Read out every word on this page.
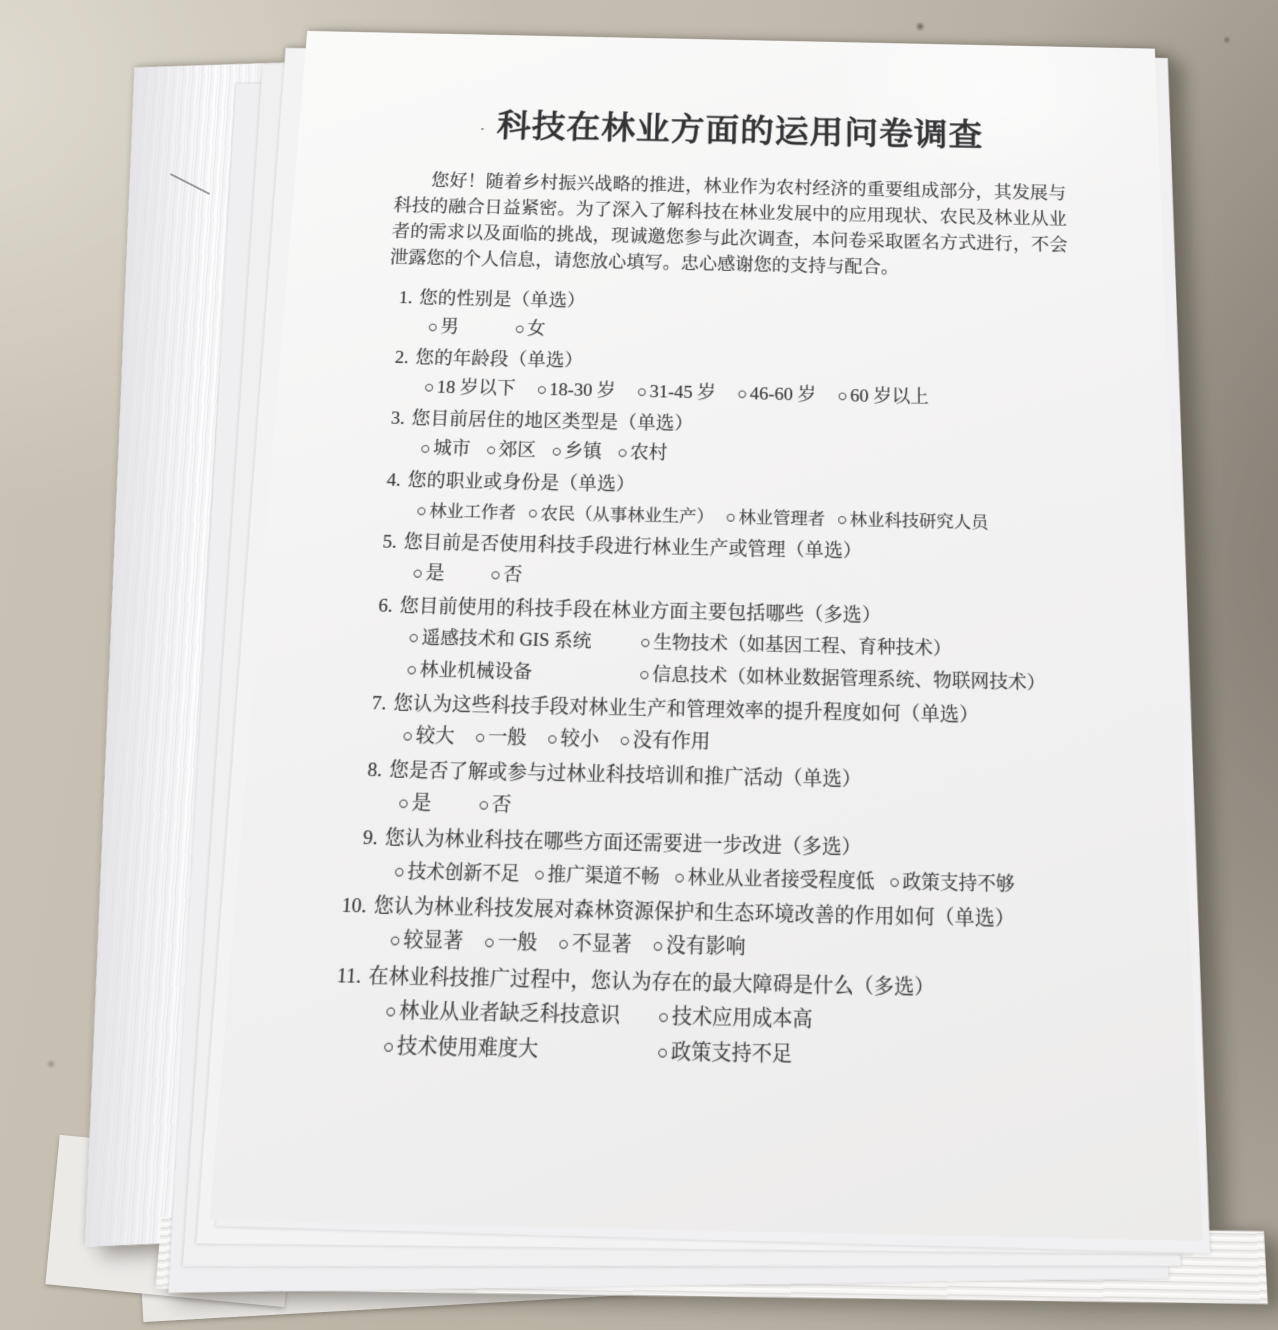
· 科技在林业方面的运用问卷调查

您好！随着乡村振兴战略的推进，林业作为农村经济的重要组成部分，其发展与科技的融合日益紧密。为了深入了解科技在林业发展中的应用现状、农民及林业从业者的需求以及面临的挑战，现诚邀您参与此次调查，本问卷采取匿名方式进行，不会泄露您的个人信息，请您放心填写。忠心感谢您的支持与配合。

1. 您的性别是（单选）
○ 男	○ 女
2. 您的年龄段（单选）
○ 18 岁以下 ○ 18-30 岁 ○ 31-45 岁 ○ 46-60 岁 ○ 60 岁以上
3. 您目前居住的地区类型是（单选）
○ 城市 ○ 郊区 ○ 乡镇 ○ 农村
4. 您的职业或身份是（单选）
○ 林业工作者 ○ 农民（从事林业生产） ○ 林业管理者 ○ 林业科技研究人员
5. 您目前是否使用科技手段进行林业生产或管理（单选）
○ 是 ○ 否
6. 您目前使用的科技手段在林业方面主要包括哪些（多选）
○ 遥感技术和 GIS 系统	○ 生物技术（如基因工程、育种技术）
○ 林业机械设备	○ 信息技术（如林业数据管理系统、物联网技术）
7. 您认为这些科技手段对林业生产和管理效率的提升程度如何（单选）
○ 较大 ○ 一般 ○ 较小 ○ 没有作用
8. 您是否了解或参与过林业科技培训和推广活动（单选）
○ 是	○ 否
9. 您认为林业科技在哪些方面还需要进一步改进（多选）
○ 技术创新不足 ○ 推广渠道不畅 ○ 林业从业者接受程度低 ○ 政策支持不够
10. 您认为林业科技发展对森林资源保护和生态环境改善的作用如何（单选）
○ 较显著 ○ 一般 ○ 不显著 ○ 没有影响
11. 在林业科技推广过程中，您认为存在的最大障碍是什么（多选）
○ 林业从业者缺乏科技意识 ○ 技术应用成本高
○ 技术使用难度大	○ 政策支持不足
